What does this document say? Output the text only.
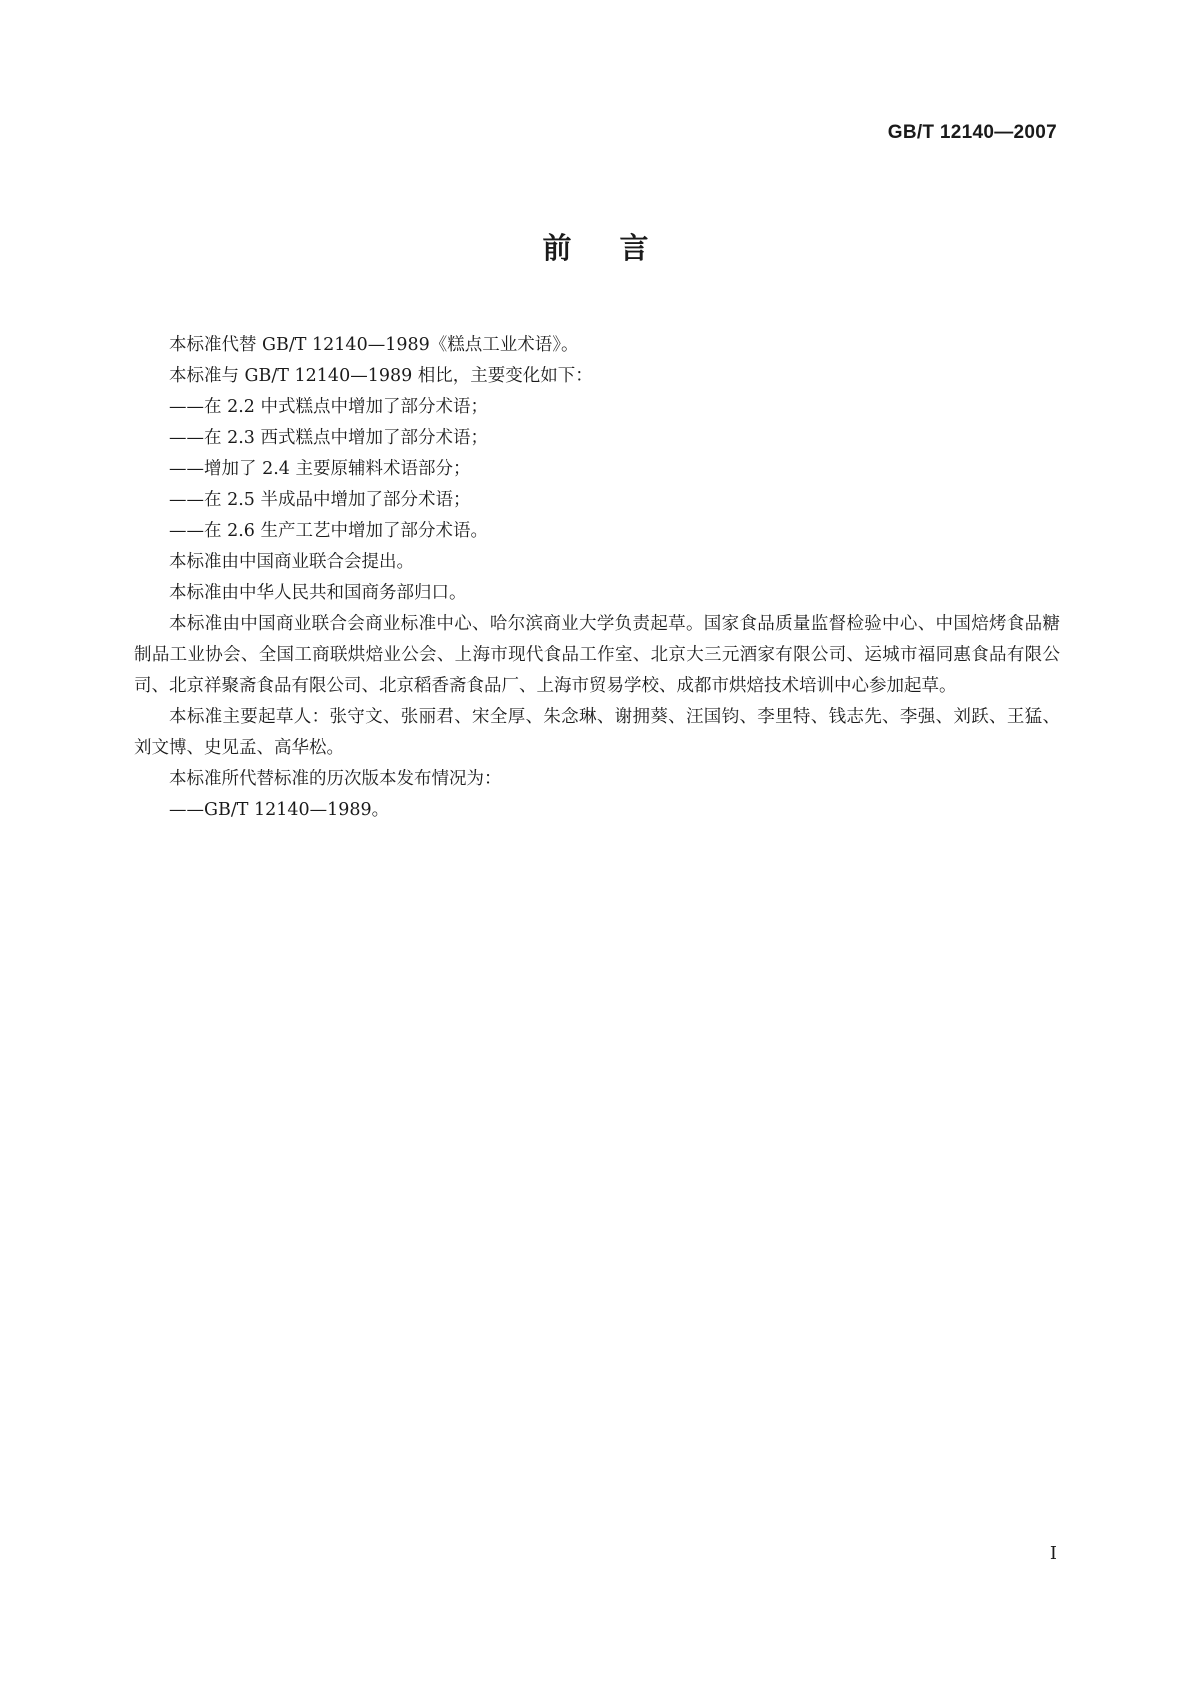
GB/T 12140—2007
前言

本标准代替 GB/T 12140—1989《糕点工业术语》。

本标准与 GB/T 12140—1989 相比，主要变化如下：

——在 2.2 中式糕点中增加了部分术语；

——在 2.3 西式糕点中增加了部分术语；

——增加了 2.4 主要原辅料术语部分；

——在 2.5 半成品中增加了部分术语；

——在 2.6 生产工艺中增加了部分术语。

本标准由中国商业联合会提出。

本标准由中华人民共和国商务部归口。

本标准由中国商业联合会商业标准中心、哈尔滨商业大学负责起草。国家食品质量监督检验中心、中国焙烤食品糖制品工业协会、全国工商联烘焙业公会、上海市现代食品工作室、北京大三元酒家有限公司、运城市福同惠食品有限公司、北京祥聚斋食品有限公司、北京稻香斋食品厂、上海市贸易学校、成都市烘焙技术培训中心参加起草。

本标准主要起草人：张守文、张丽君、宋全厚、朱念琳、谢拥葵、汪国钧、李里特、钱志先、李强、刘跃、王猛、刘文博、史见孟、高华松。

本标准所代替标准的历次版本发布情况为：

——GB/T 12140—1989。

I
